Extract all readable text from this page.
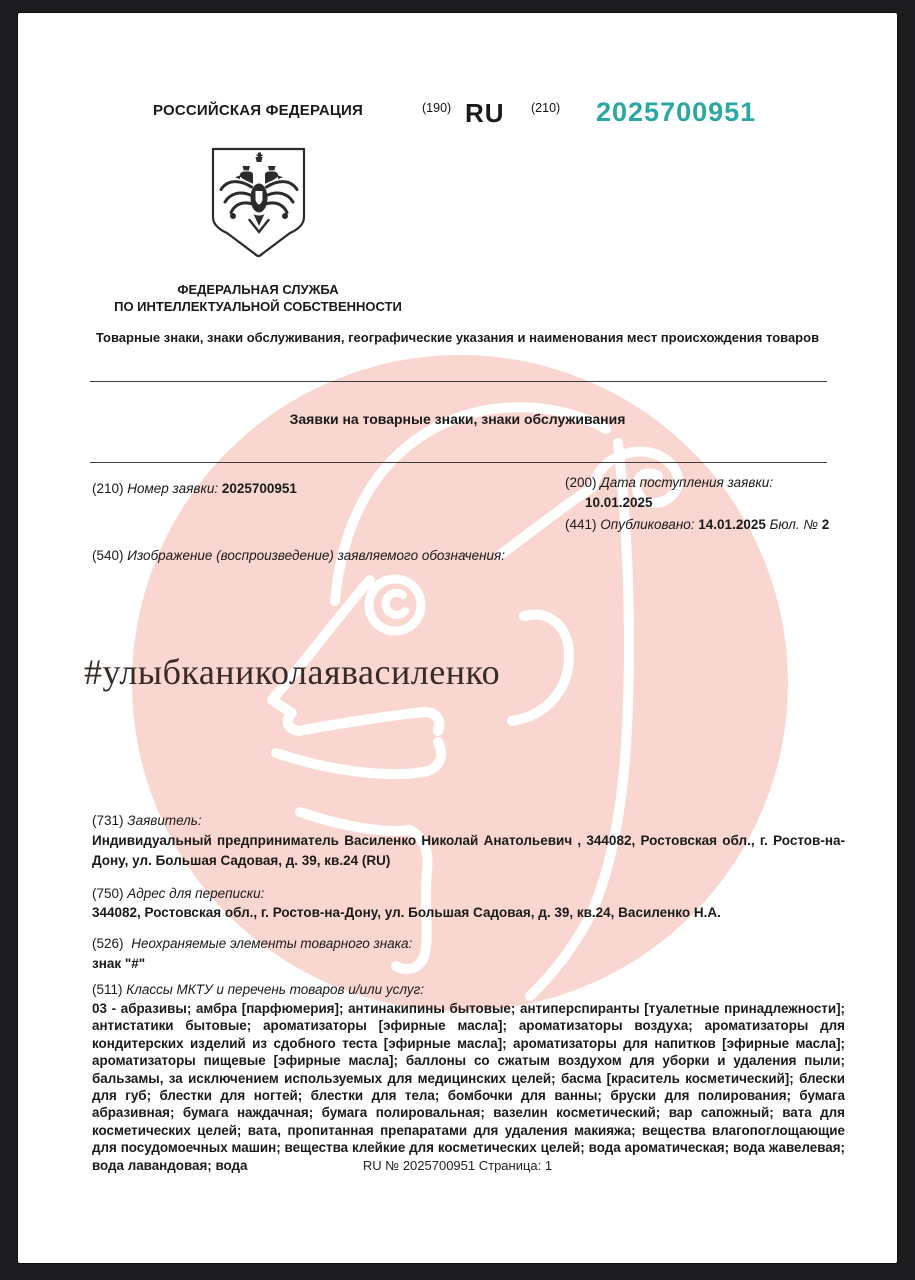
РОССИЙСКАЯ ФЕДЕРАЦИЯ	(190) RU (210) 2025700951
ФЕДЕРАЛЬНАЯ СЛУЖБА
ПО ИНТЕЛЛЕКТУАЛЬНОЙ СОБСТВЕННОСТИ
Товарные знаки, знаки обслуживания, географические указания и наименования мест происхождения товаров
Заявки на товарные знаки, знаки обслуживания
(210) Номер заявки: 2025700951	(200) Дата поступления заявки:
10.01.2025
(441) Опубликовано: 14.01.2025 Бюл. № 2
(540) Изображение (воспроизведение) заявляемого обозначения:
#улыбканиколаявасиленко
(731) Заявитель:
Индивидуальный предприниматель Василенко Николай Анатольевич , 344082, Ростовская обл., г. Ростов-на-Дону, ул. Большая Садовая, д. 39, кв.24 (RU)
(750) Адрес для переписки:
344082, Ростовская обл., г. Ростов-на-Дону, ул. Большая Садовая, д. 39, кв.24, Василенко Н.А.
(526) Неохраняемые элементы товарного знака:
знак "#"
(511) Классы МКТУ и перечень товаров и/или услуг:
03 - абразивы; амбра [парфюмерия]; антинакипины бытовые; антиперспиранты [туалетные принадлежности]; антистатики бытовые; ароматизаторы [эфирные масла]; ароматизаторы воздуха; ароматизаторы для кондитерских изделий из сдобного теста [эфирные масла]; ароматизаторы для напитков [эфирные масла]; ароматизаторы пищевые [эфирные масла]; баллоны со сжатым воздухом для уборки и удаления пыли; бальзамы, за исключением используемых для медицинских целей; басма [краситель косметический]; блески для губ; блестки для ногтей; блестки для тела; бомбочки для ванны; бруски для полирования; бумага абразивная; бумага наждачная; бумага полировальная; вазелин косметический; вар сапожный; вата для косметических целей; вата, пропитанная препаратами для удаления макияжа; вещества влагопоглощающие для посудомоечных машин; вещества клейкие для косметических целей; вода ароматическая; вода жавелевая; вода лавандовая; вода	RU № 2025700951 Страница: 1
